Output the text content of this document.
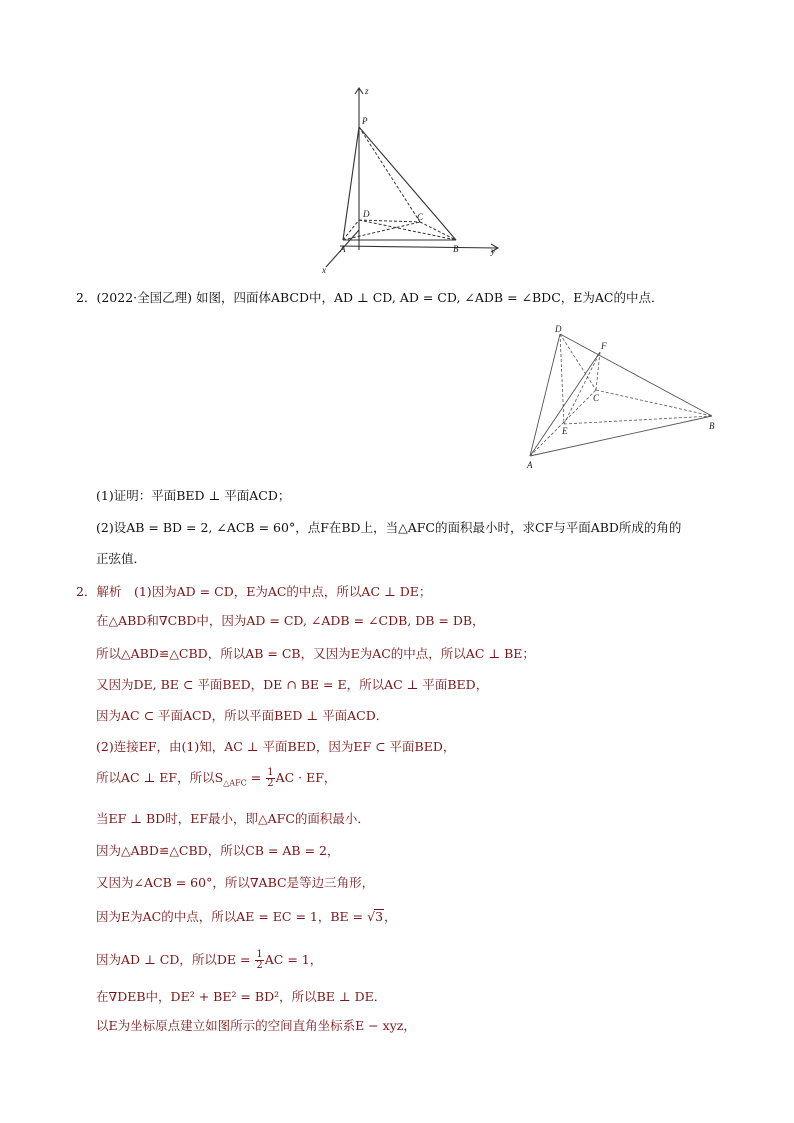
z
P
D	C
A	B	y
x
2．(2022·全国乙理) 如图，四面体ABCD中，AD ⊥ CD, AD = CD, ∠ADB = ∠BDC，E为AC的中点．
D
F
C
E	B
A
(1)证明：平面BED ⊥ 平面ACD；
(2)设AB = BD = 2, ∠ACB = 60°，点F在BD上，当△AFC的面积最小时，求CF与平面ABD所成的角的
正弦值．
2．解析　(1)因为AD = CD，E为AC的中点，所以AC ⊥ DE；
在△ABD和∇CBD中，因为AD = CD, ∠ADB = ∠CDB, DB = DB，
所以△ABD≌△CBD，所以AB = CB，又因为E为AC的中点，所以AC ⊥ BE；
又因为DE, BE ⊂ 平面BED，DE ∩ BE = E，所以AC ⊥ 平面BED，
因为AC ⊂ 平面ACD，所以平面BED ⊥ 平面ACD．
(2)连接EF，由(1)知，AC ⊥ 平面BED，因为EF ⊂ 平面BED，
所以AC ⊥ EF，所以$S_{\triangle AFC} = \frac{1}{2}$ AC · EF，
当EF ⊥ BD时，EF最小，即△AFC的面积最小．
因为△ABD≌△CBD，所以CB = AB = 2，
又因为∠ACB = 60°，所以∇ABC是等边三角形，
因为E为AC的中点，所以AE = EC = 1，BE = √3，
因为AD ⊥ CD，所以DE = $\frac{1}{2}$ AC = 1，
在∇DEB中，DE² + BE² = BD²，所以BE ⊥ DE．
以E为坐标原点建立如图所示的空间直角坐标系E − xyz，
